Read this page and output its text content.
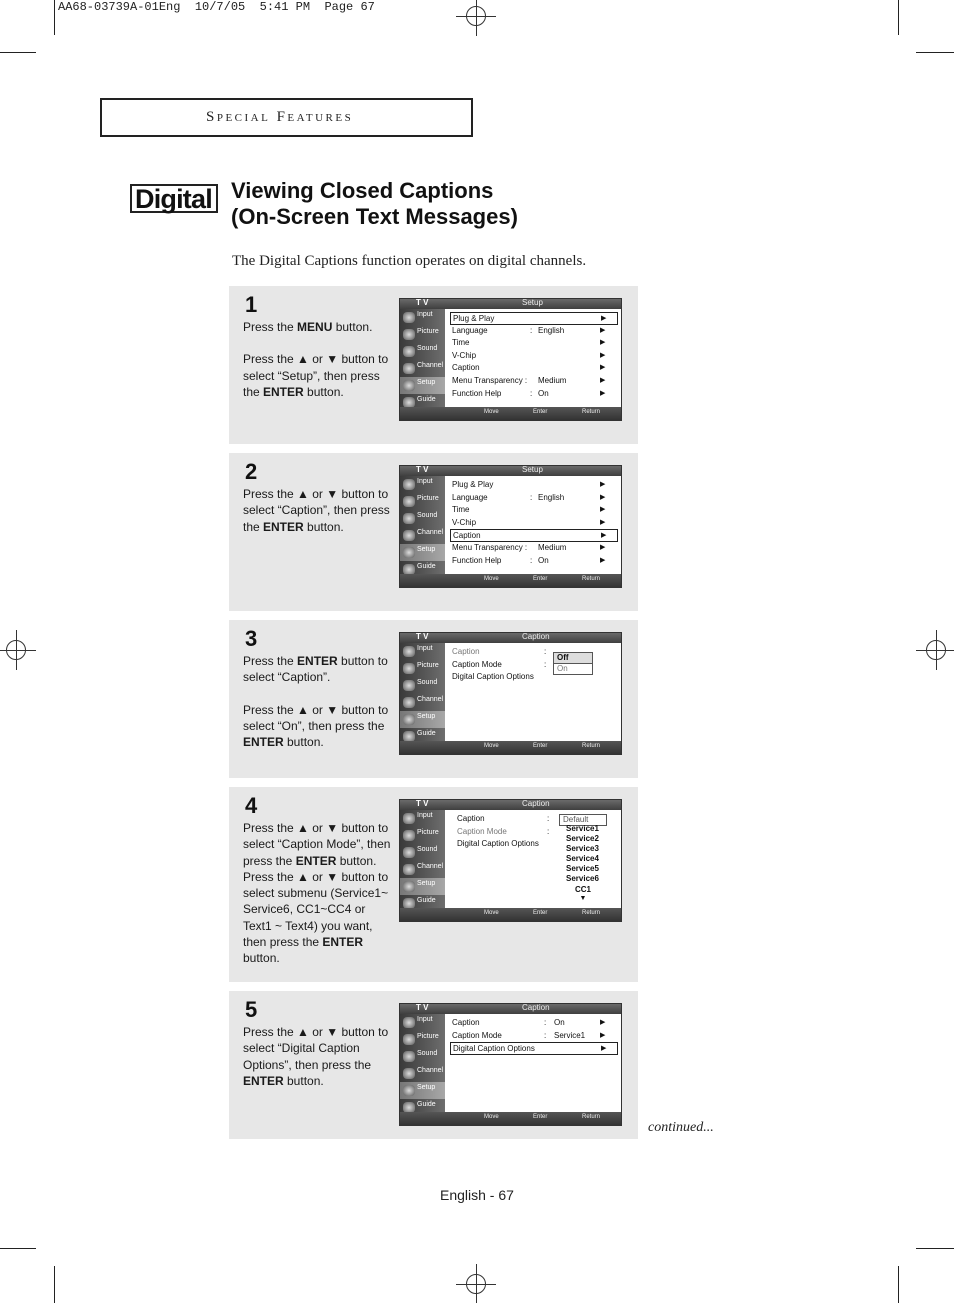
AA68-03739A-01Eng  10/7/05  5:41 PM  Page 67
Special Features
Digital Viewing Closed Captions
(On-Screen Text Messages)
The Digital Captions function operates on digital channels.
1

Press the MENU button.

Press the ▲ or ▼ button to select “Setup”, then press the ENTER button.

T V	Setup
Input
Picture
Sound
Channel
Setup
Guide
Plug & Play	▶
Language	: English	▶
Time	▶
V-Chip	▶
Caption	▶
Menu Transparency : Medium	▶
Function Help	: On	▶
Move	Enter	Return
2

Press the ▲ or ▼ button to select “Caption”, then press the ENTER button.

T V	Setup
Input
Picture
Sound
Channel
Setup
Guide
Plug & Play	▶
Language	: English	▶
Time	▶
V-Chip	▶
Caption	▶
Menu Transparency : Medium	▶
Function Help	: On	▶
Move	Enter	Return
3

Press the ENTER button to select “Caption”.

Press the ▲ or ▼ button to select “On”, then press the ENTER button.

T V	Caption
Input
Picture
Sound
Channel
Setup
Guide
Caption	:
Caption Mode	:
Digital Caption Options
Off
On
Move	Enter	Return
4

Press the ▲ or ▼ button to select “Caption Mode”, then press the ENTER button.

Press the ▲ or ▼ button to select submenu (Service1~ Service6, CC1~CC4 or Text1 ~ Text4) you want, then press the ENTER button.

T V	Caption
Input
Picture
Sound
Channel
Setup
Guide
Caption	:
Caption Mode	:
Digital Caption Options
Default
Service1
Service2
Service3
Service4
Service5
Service6
CC1
▼
Move	Enter	Return
5

Press the ▲ or ▼ button to select “Digital Caption Options”, then press the ENTER button.

T V	Caption
Input
Picture
Sound
Channel
Setup
Guide
Caption	: On	▶
Caption Mode	: Service1 ▶
Digital Caption Options	▶
Move	Enter	Return
continued...
English - 67
